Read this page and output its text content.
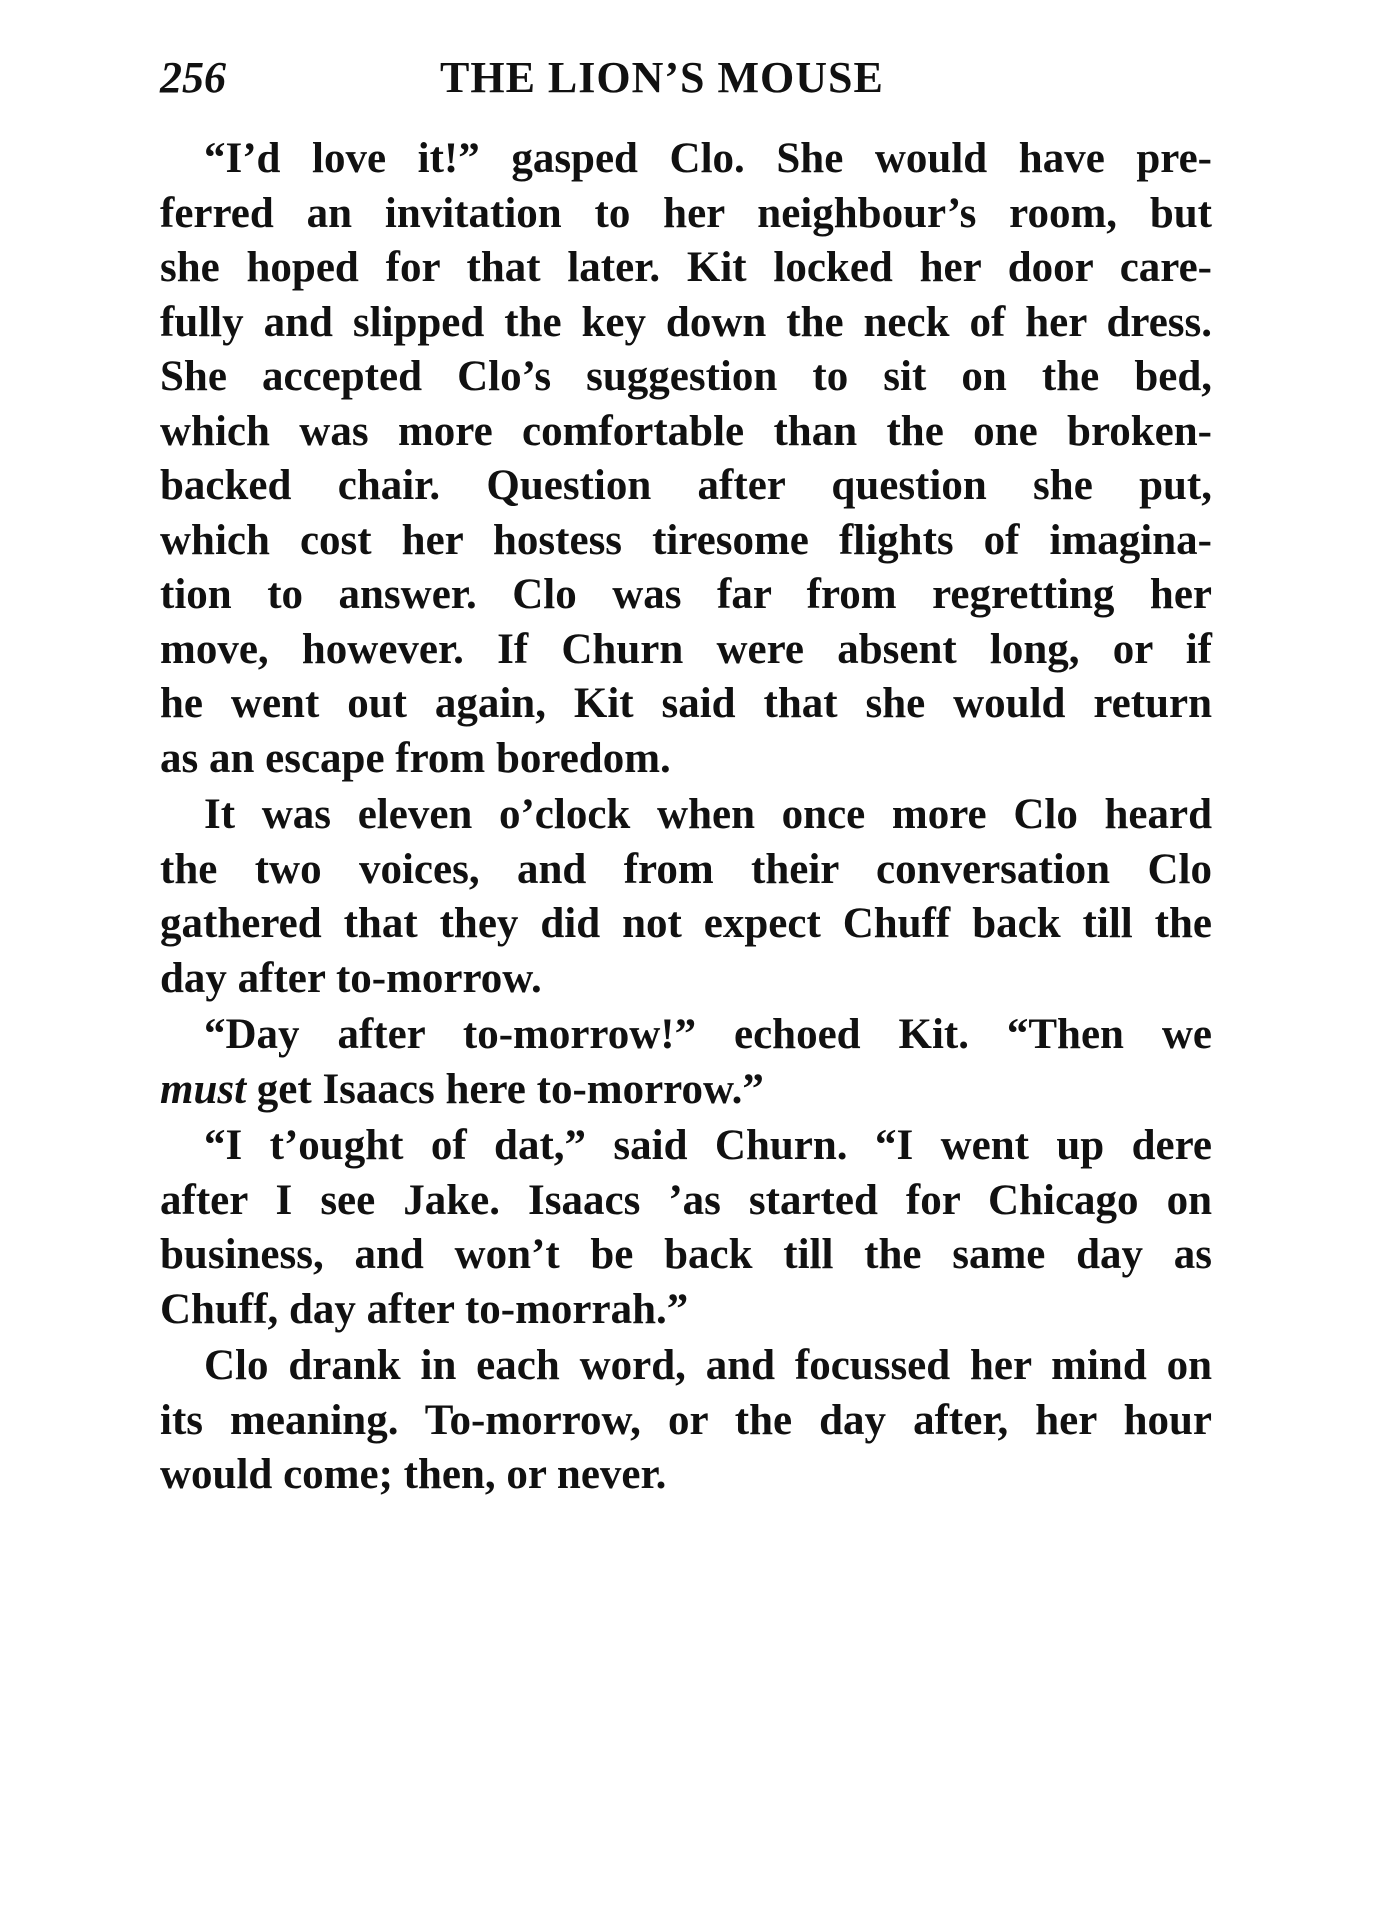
256	THE LION’S MOUSE
“I’d love it!” gasped Clo. She would have pre-
ferred an invitation to her neighbour’s room, but
she hoped for that later. Kit locked her door care-
fully and slipped the key down the neck of her dress.
She accepted Clo’s suggestion to sit on the bed,
which was more comfortable than the one broken-
backed chair. Question after question she put,
which cost her hostess tiresome flights of imagina-
tion to answer. Clo was far from regretting her
move, however. If Churn were absent long, or if
he went out again, Kit said that she would return
as an escape from boredom.
It was eleven o’clock when once more Clo heard
the two voices, and from their conversation Clo
gathered that they did not expect Chuff back till the
day after to-morrow.
“Day after to-morrow!” echoed Kit. “Then we
must get Isaacs here to-morrow.”
“I t’ought of dat,” said Churn. “I went up dere
after I see Jake. Isaacs ’as started for Chicago on
business, and won’t be back till the same day as
Chuff, day after to-morrah.”
Clo drank in each word, and focussed her mind on
its meaning. To-morrow, or the day after, her hour
would come; then, or never.
